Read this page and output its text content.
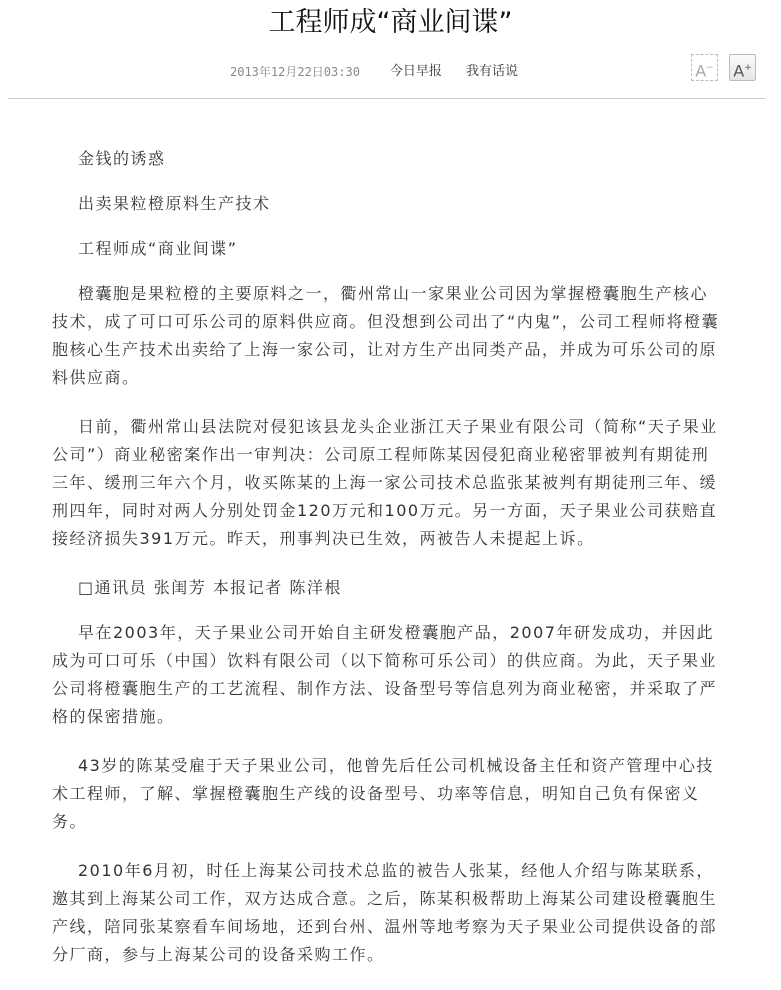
工程师成“商业间谍”
2013年12月22日03:30 今日早报 我有话说	A− A+

金钱的诱惑

出卖果粒橙原料生产技术

工程师成“商业间谍”

橙囊胞是果粒橙的主要原料之一，衢州常山一家果业公司因为掌握橙囊胞生产核心技术，成了可口可乐公司的原料供应商。但没想到公司出了“内鬼”，公司工程师将橙囊胞核心生产技术出卖给了上海一家公司，让对方生产出同类产品，并成为可乐公司的原料供应商。

日前，衢州常山县法院对侵犯该县龙头企业浙江天子果业有限公司（简称“天子果业公司”）商业秘密案作出一审判决：公司原工程师陈某因侵犯商业秘密罪被判有期徒刑三年、缓刑三年六个月，收买陈某的上海一家公司技术总监张某被判有期徒刑三年、缓刑四年，同时对两人分别处罚金120万元和100万元。另一方面，天子果业公司获赔直接经济损失391万元。昨天，刑事判决已生效，两被告人未提起上诉。

□通讯员 张闺芳 本报记者 陈洋根

早在2003年，天子果业公司开始自主研发橙囊胞产品，2007年研发成功，并因此成为可口可乐（中国）饮料有限公司（以下简称可乐公司）的供应商。为此，天子果业公司将橙囊胞生产的工艺流程、制作方法、设备型号等信息列为商业秘密，并采取了严格的保密措施。

43岁的陈某受雇于天子果业公司，他曾先后任公司机械设备主任和资产管理中心技术工程师，了解、掌握橙囊胞生产线的设备型号、功率等信息，明知自己负有保密义务。

2010年6月初，时任上海某公司技术总监的被告人张某，经他人介绍与陈某联系，邀其到上海某公司工作，双方达成合意。之后，陈某积极帮助上海某公司建设橙囊胞生产线，陪同张某察看车间场地，还到台州、温州等地考察为天子果业公司提供设备的部分厂商，参与上海某公司的设备采购工作。
